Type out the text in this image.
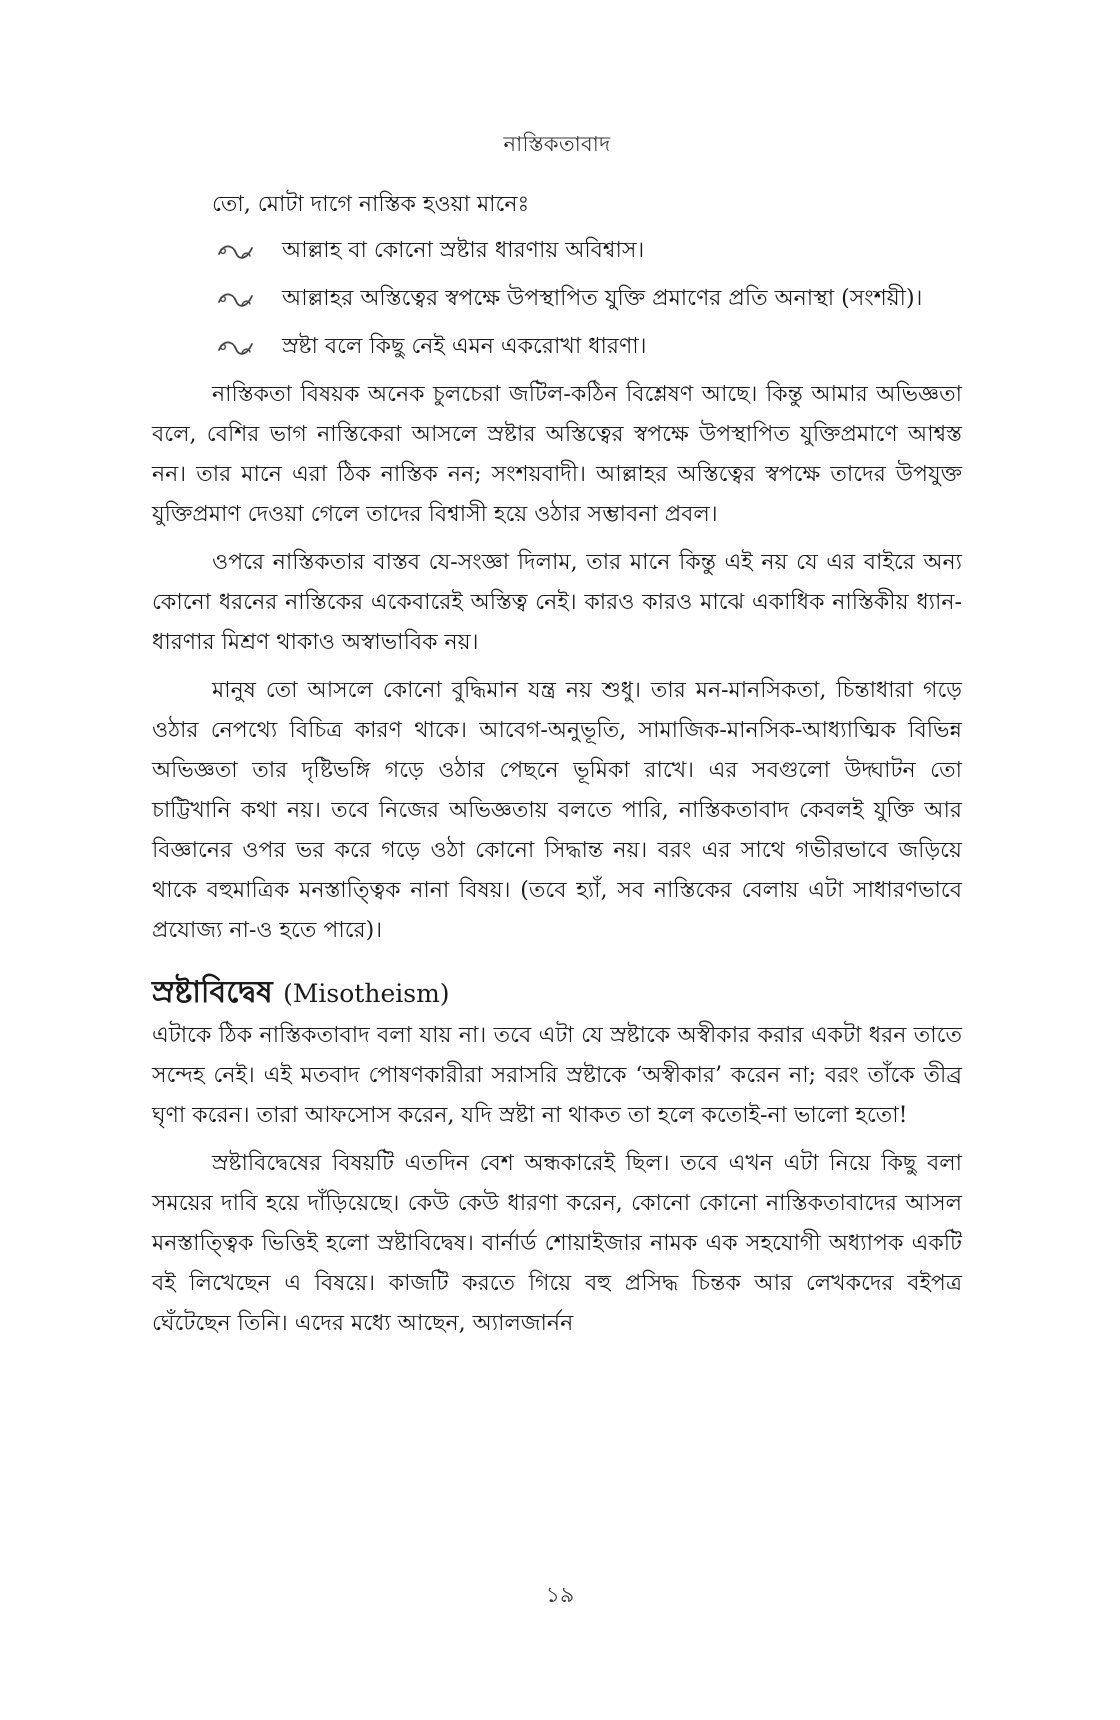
নাস্তিকতাবাদ
তো, মোটা দাগে নাস্তিক হওয়া মানেঃ
আল্লাহ বা কোনো স্রষ্টার ধারণায় অবিশ্বাস।
আল্লাহর অস্তিত্বের স্বপক্ষে উপস্থাপিত যুক্তি প্রমাণের প্রতি অনাস্থা (সংশয়ী)।
স্রষ্টা বলে কিছু নেই এমন একরোখা ধারণা।

নাস্তিকতা বিষয়ক অনেক চুলচেরা জটিল-কঠিন বিশ্লেষণ আছে। কিন্তু আমার অভিজ্ঞতা বলে, বেশির ভাগ নাস্তিকেরা আসলে স্রষ্টার অস্তিত্বের স্বপক্ষে উপস্থাপিত যুক্তিপ্রমাণে আশ্বস্ত নন। তার মানে এরা ঠিক নাস্তিক নন; সংশয়বাদী। আল্লাহর অস্তিত্বের স্বপক্ষে তাদের উপযুক্ত যুক্তিপ্রমাণ দেওয়া গেলে তাদের বিশ্বাসী হয়ে ওঠার সম্ভাবনা প্রবল।

ওপরে নাস্তিকতার বাস্তব যে-সংজ্ঞা দিলাম, তার মানে কিন্তু এই নয় যে এর বাইরে অন্য কোনো ধরনের নাস্তিকের একেবারেই অস্তিত্ব নেই। কারও কারও মাঝে একাধিক নাস্তিকীয় ধ্যান-ধারণার মিশ্রণ থাকাও অস্বাভাবিক নয়।

মানুষ তো আসলে কোনো বুদ্ধিমান যন্ত্র নয় শুধু। তার মন-মানসিকতা, চিন্তাধারা গড়ে ওঠার নেপথ্যে বিচিত্র কারণ থাকে। আবেগ-অনুভূতি, সামাজিক-মানসিক-আধ্যাত্মিক বিভিন্ন অভিজ্ঞতা তার দৃষ্টিভঙ্গি গড়ে ওঠার পেছনে ভূমিকা রাখে। এর সবগুলো উদ্ঘাটন তো চাট্টিখানি কথা নয়। তবে নিজের অভিজ্ঞতায় বলতে পারি, নাস্তিকতাবাদ কেবলই যুক্তি আর বিজ্ঞানের ওপর ভর করে গড়ে ওঠা কোনো সিদ্ধান্ত নয়। বরং এর সাথে গভীরভাবে জড়িয়ে থাকে বহুমাত্রিক মনস্তাত্ত্বিক নানা বিষয়। (তবে হ্যাঁ, সব নাস্তিকের বেলায় এটা সাধারণভাবে প্রযোজ্য না-ও হতে পারে)।

স্রষ্টাবিদ্বেষ (Misotheism)

এটাকে ঠিক নাস্তিকতাবাদ বলা যায় না। তবে এটা যে স্রষ্টাকে অস্বীকার করার একটা ধরন তাতে সন্দেহ নেই। এই মতবাদ পোষণকারীরা সরাসরি স্রষ্টাকে ‘অস্বীকার’ করেন না; বরং তাঁকে তীব্র ঘৃণা করেন। তারা আফসোস করেন, যদি স্রষ্টা না থাকত তা হলে কতোই-না ভালো হতো!

স্রষ্টাবিদ্বেষের বিষয়টি এতদিন বেশ অন্ধকারেই ছিল। তবে এখন এটা নিয়ে কিছু বলা সময়ের দাবি হয়ে দাঁড়িয়েছে। কেউ কেউ ধারণা করেন, কোনো কোনো নাস্তিকতাবাদের আসল মনস্তাত্ত্বিক ভিত্তিই হলো স্রষ্টাবিদ্বেষ। বার্নার্ড শোয়াইজার নামক এক সহযোগী অধ্যাপক একটি বই লিখেছেন এ বিষয়ে। কাজটি করতে গিয়ে বহু প্রসিদ্ধ চিন্তক আর লেখকদের বইপত্র ঘেঁটেছেন তিনি। এদের মধ্যে আছেন, অ্যালজার্নন

১৯
